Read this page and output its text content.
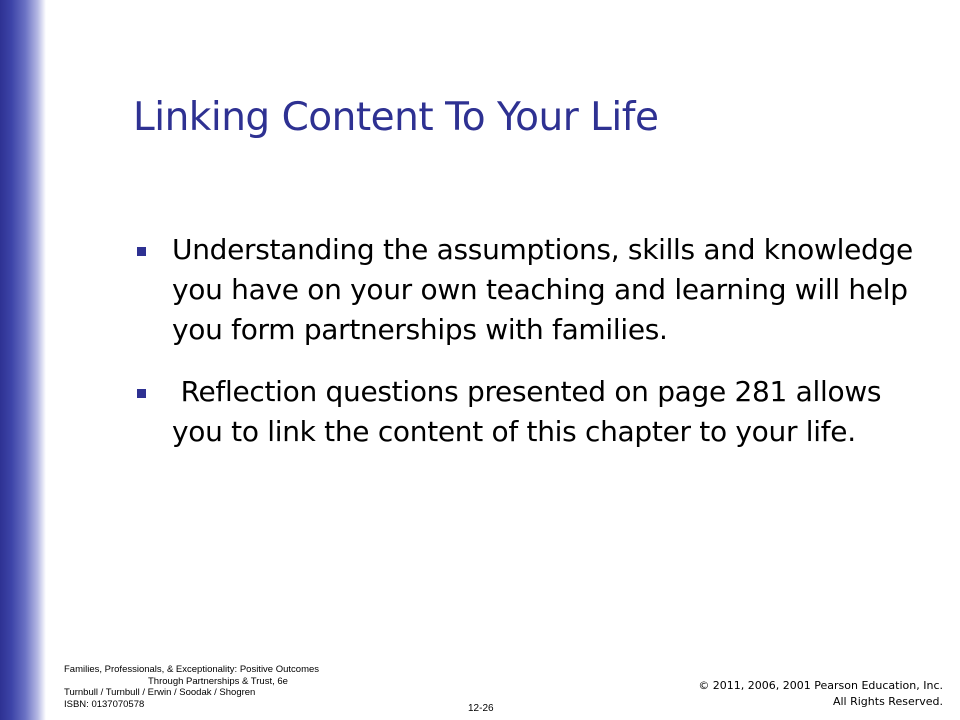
Linking Content To Your Life
Understanding the assumptions, skills and knowledge you have on your own teaching and learning will help you form partnerships with families.
Reflection questions presented on page 281 allows you to link the content of this chapter to your life.
Families, Professionals, & Exceptionality: Positive Outcomes
Through Partnerships & Trust, 6e
Turnbull / Turnbull / Erwin / Soodak / Shogren
ISBN: 0137070578	12-26
© 2011, 2006, 2001 Pearson Education, Inc.
All Rights Reserved.
